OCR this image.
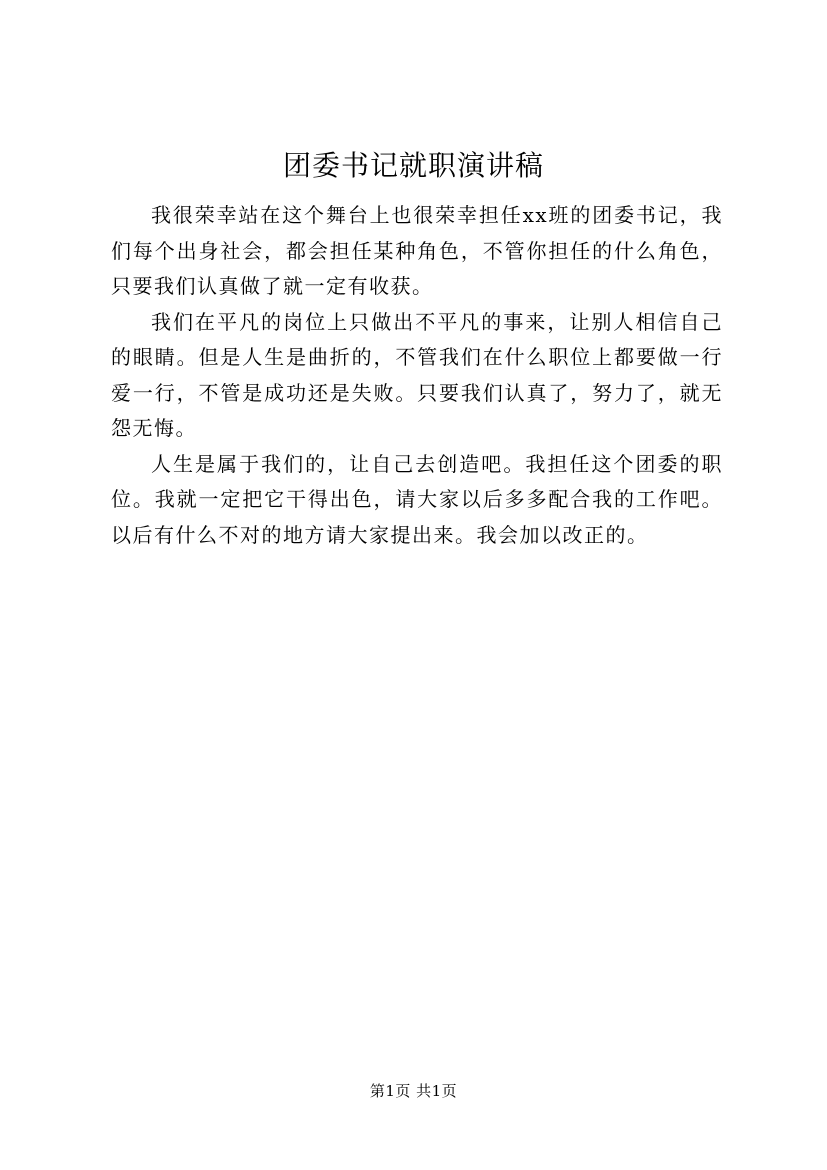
团委书记就职演讲稿

我很荣幸站在这个舞台上也很荣幸担任xx班的团委书记，我们每个出身社会，都会担任某种角色，不管你担任的什么角色，只要我们认真做了就一定有收获。

我们在平凡的岗位上只做出不平凡的事来，让别人相信自己的眼睛。但是人生是曲折的，不管我们在什么职位上都要做一行爱一行，不管是成功还是失败。只要我们认真了，努力了，就无怨无悔。

人生是属于我们的，让自己去创造吧。我担任这个团委的职位。我就一定把它干得出色，请大家以后多多配合我的工作吧。以后有什么不对的地方请大家提出来。我会加以改正的。

第1页 共1页
